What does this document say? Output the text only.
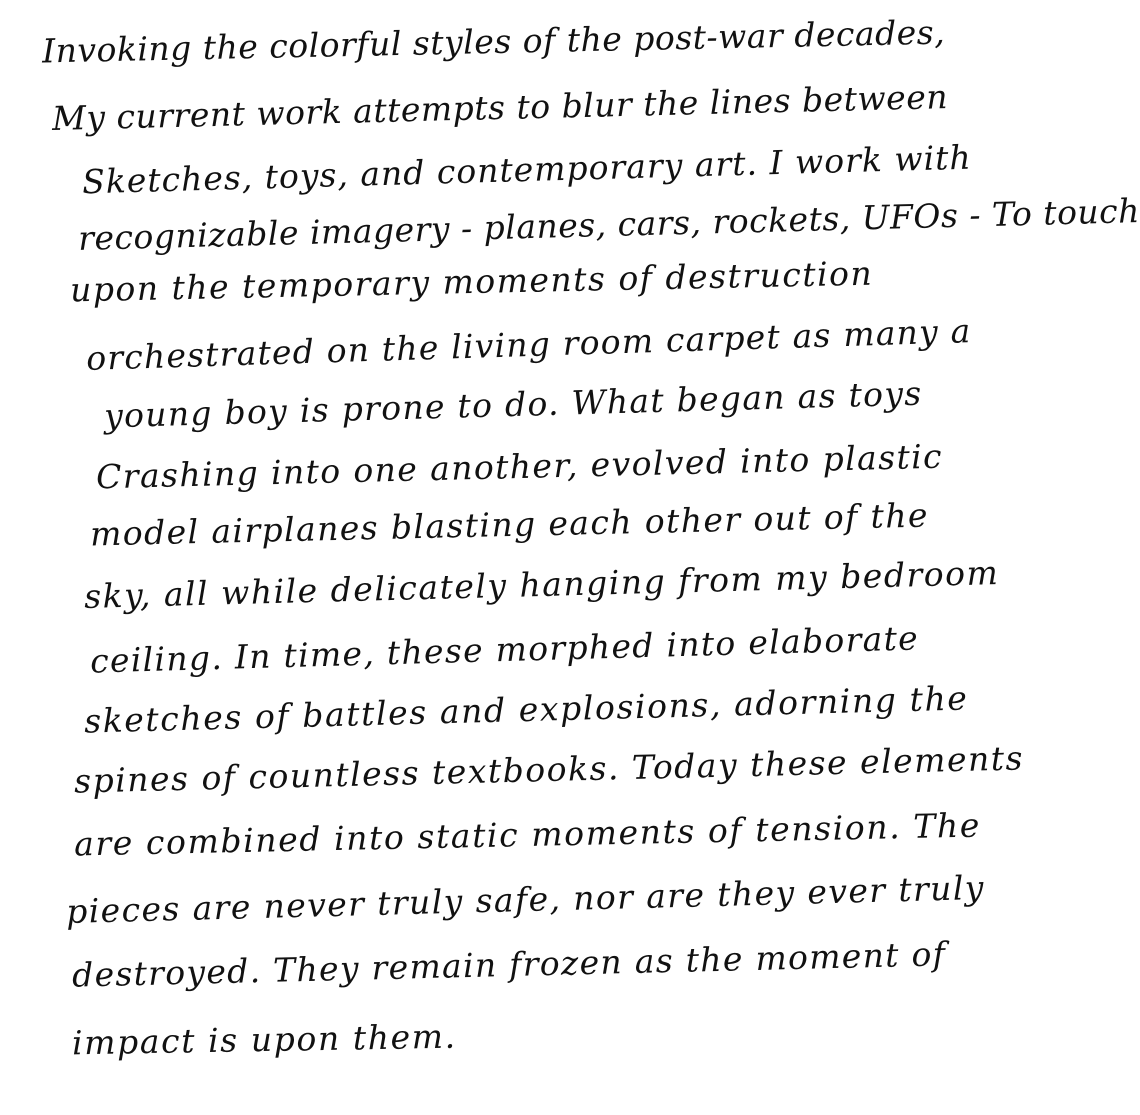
Invoking the colorful styles of the post-war decades,
My current work attempts to blur the lines between
Sketches, toys, and contemporary art. I work with
recognizable imagery - planes, cars, rockets, UFOs - To touch
upon the temporary moments of destruction
orchestrated on the living room carpet as many a
young boy is prone to do. What began as toys
Crashing into one another, evolved into plastic
model airplanes blasting each other out of the
sky, all while delicately hanging from my bedroom
ceiling. In time, these morphed into elaborate
sketches of battles and explosions, adorning the
spines of countless textbooks. Today these elements
are combined into static moments of tension. The
pieces are never truly safe, nor are they ever truly
destroyed. They remain frozen as the moment of
impact is upon them.
